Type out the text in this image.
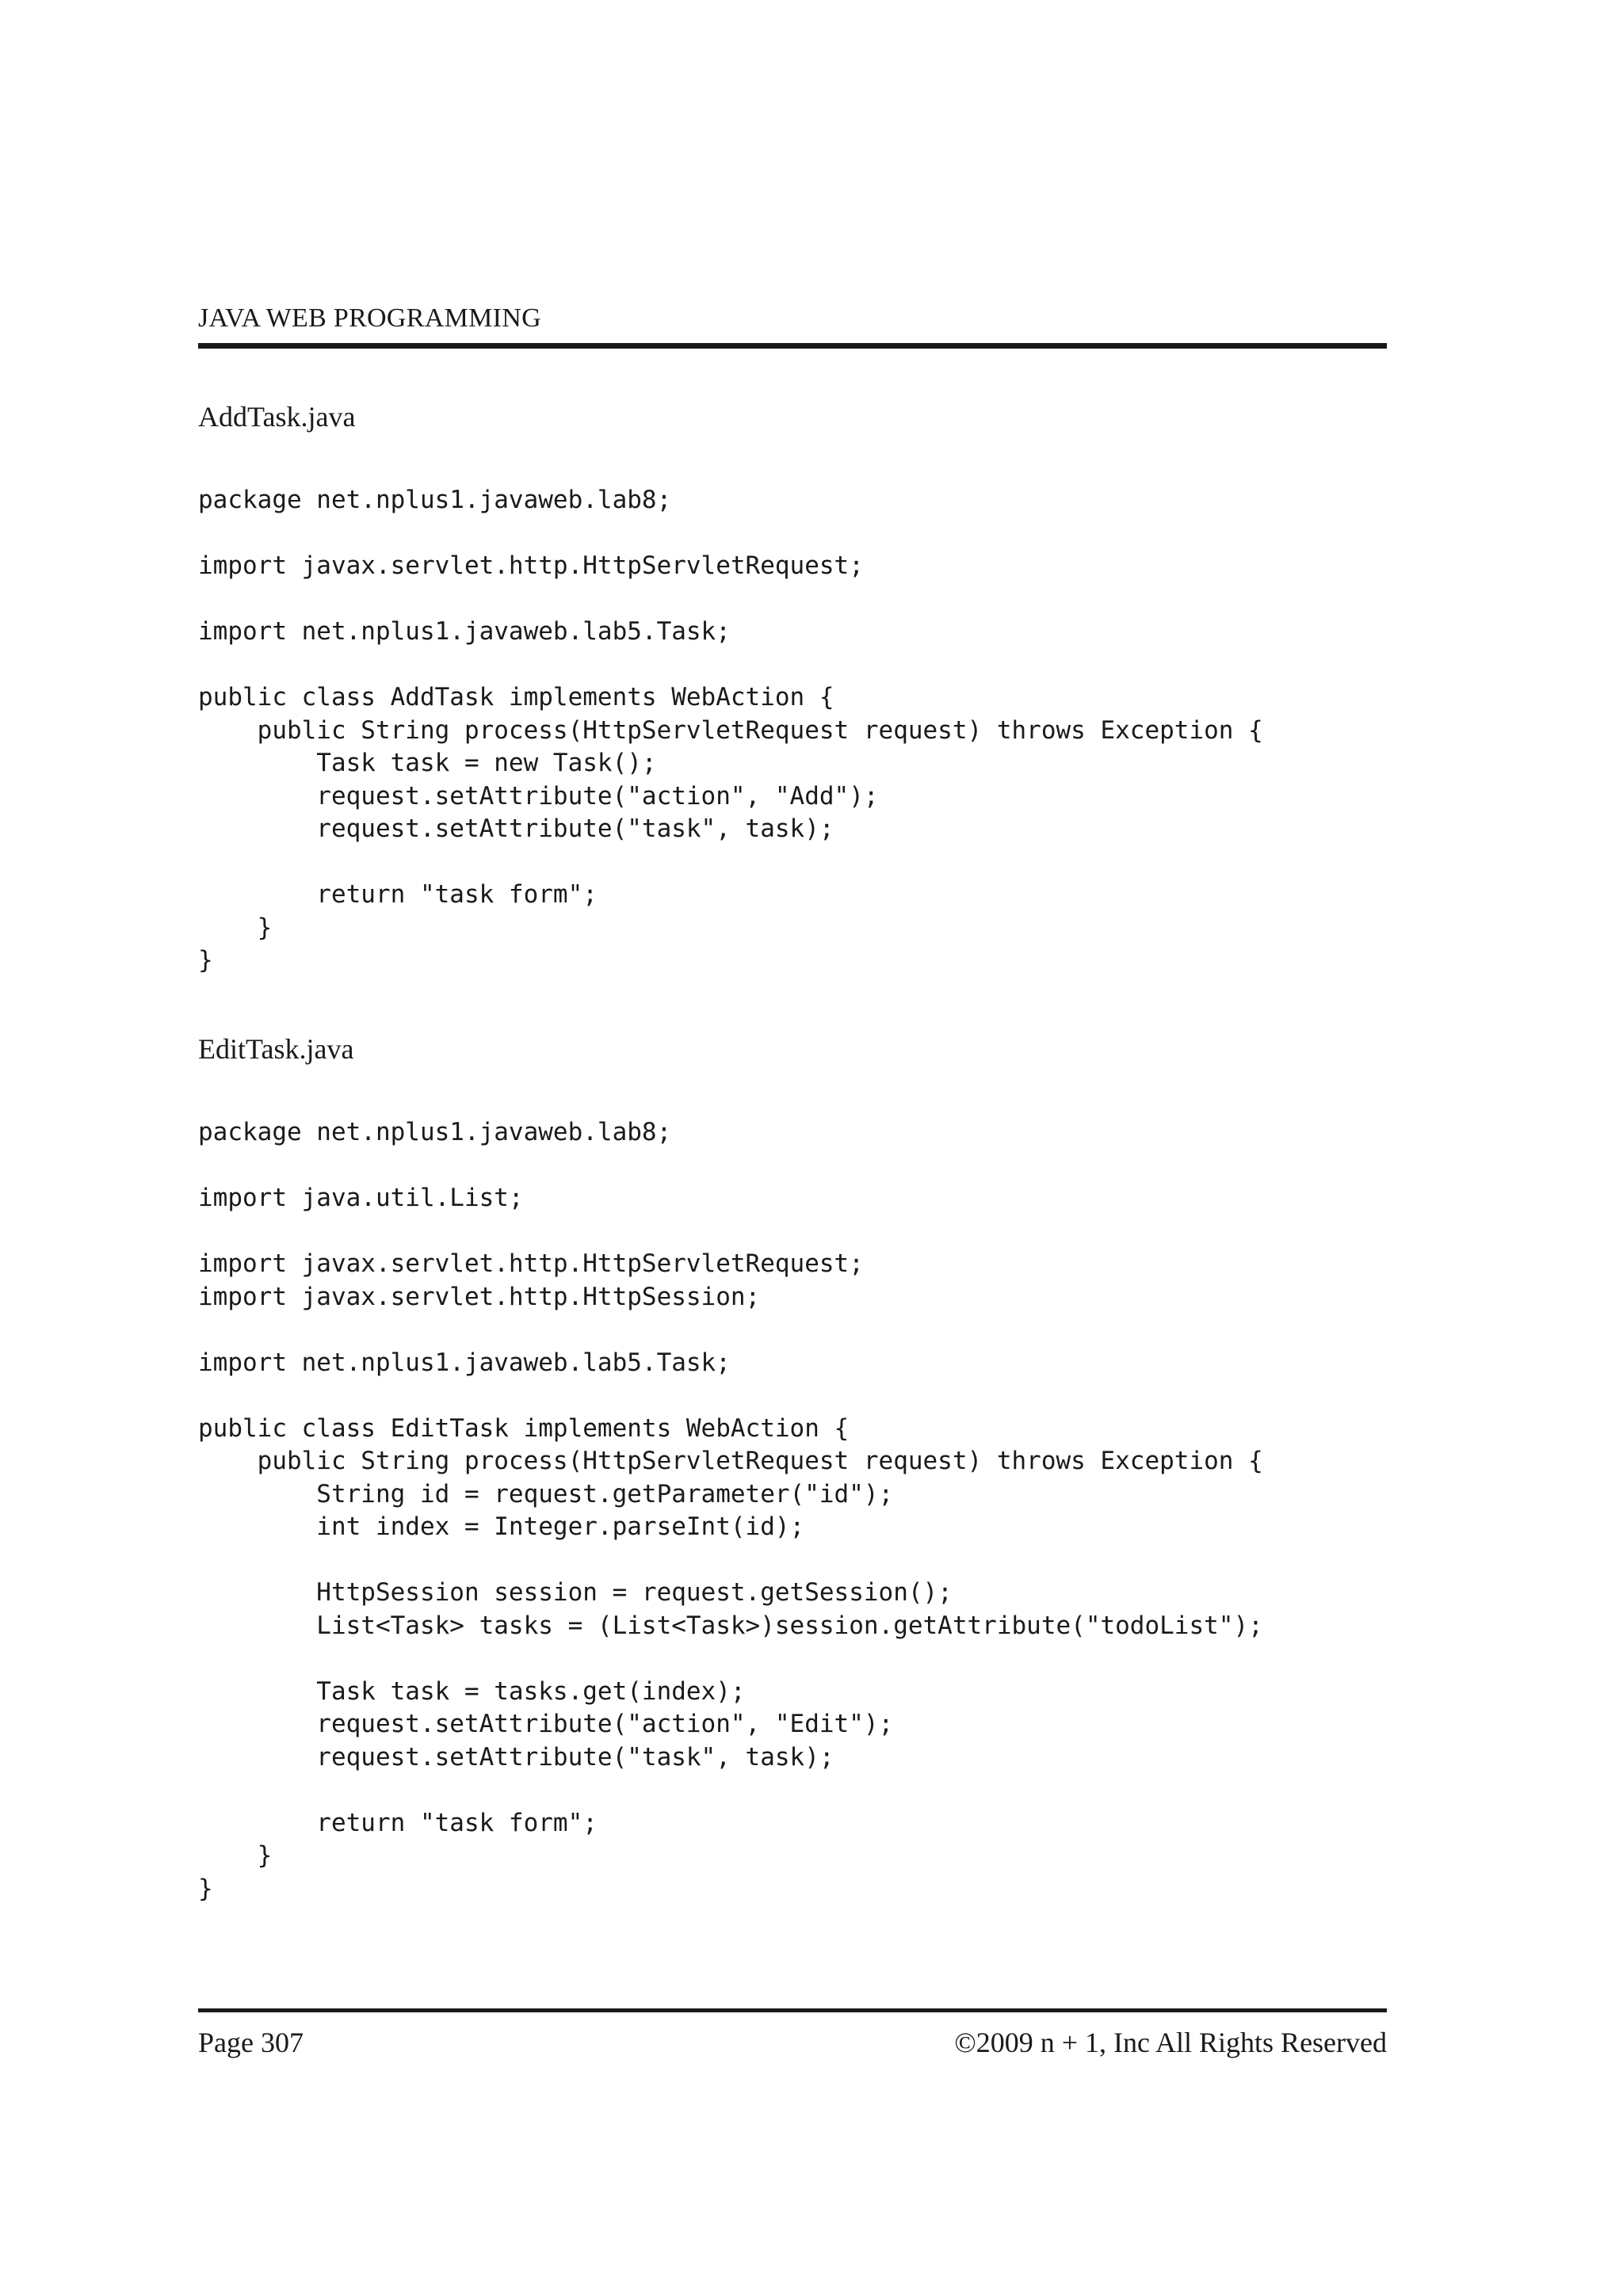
JAVA WEB PROGRAMMING
AddTask.java
package net.nplus1.javaweb.lab8;

import javax.servlet.http.HttpServletRequest;

import net.nplus1.javaweb.lab5.Task;

public class AddTask implements WebAction {
public String process(HttpServletRequest request) throws Exception {
Task task = new Task();
request.setAttribute("action", "Add");
request.setAttribute("task", task);

return "task form";
}
}
EditTask.java
package net.nplus1.javaweb.lab8;

import java.util.List;

import javax.servlet.http.HttpServletRequest;
import javax.servlet.http.HttpSession;

import net.nplus1.javaweb.lab5.Task;

public class EditTask implements WebAction {
public String process(HttpServletRequest request) throws Exception {
String id = request.getParameter("id");
int index = Integer.parseInt(id);

HttpSession session = request.getSession();
List<Task> tasks = (List<Task>)session.getAttribute("todoList");

Task task = tasks.get(index);
request.setAttribute("action", "Edit");
request.setAttribute("task", task);

return "task form";
}
}
Page 307	©2009 n + 1, Inc All Rights Reserved
